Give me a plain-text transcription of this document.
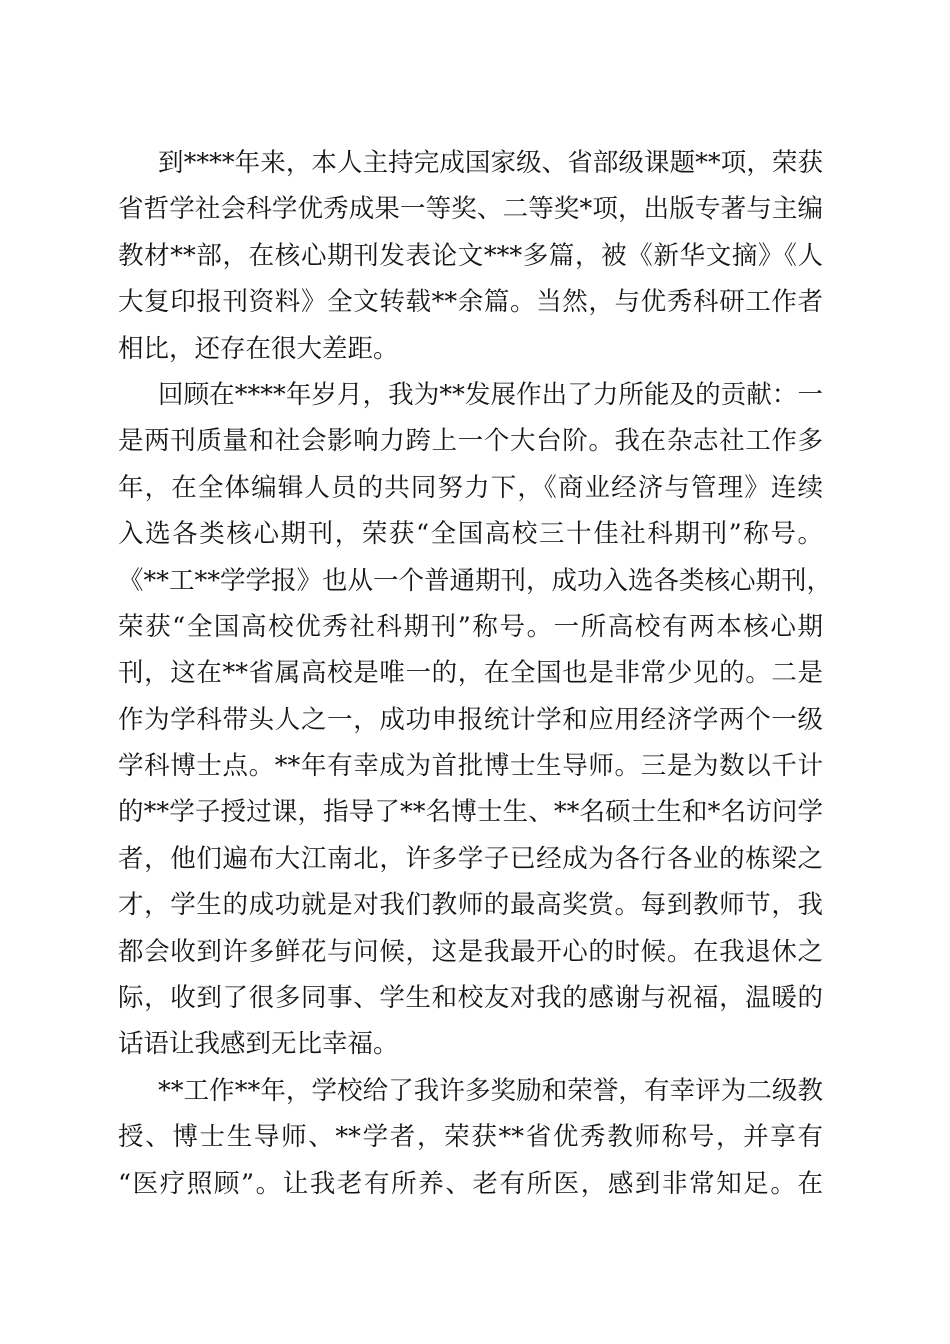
到****年来，本人主持完成国家级、省部级课题**项，荣获
省哲学社会科学优秀成果一等奖、二等奖*项，出版专著与主编
教材**部，在核心期刊发表论文***多篇，被《新华文摘》《人
大复印报刊资料》全文转载**余篇。当然，与优秀科研工作者
相比，还存在很大差距。
回顾在****年岁月，我为**发展作出了力所能及的贡献：一
是两刊质量和社会影响力跨上一个大台阶。我在杂志社工作多
年，在全体编辑人员的共同努力下，《商业经济与管理》连续
入选各类核心期刊，荣获“全国高校三十佳社科期刊”称号。
《**工**学学报》也从一个普通期刊，成功入选各类核心期刊，
荣获“全国高校优秀社科期刊”称号。一所高校有两本核心期
刊，这在**省属高校是唯一的，在全国也是非常少见的。二是
作为学科带头人之一，成功申报统计学和应用经济学两个一级
学科博士点。**年有幸成为首批博士生导师。三是为数以千计
的**学子授过课，指导了**名博士生、**名硕士生和*名访问学
者，他们遍布大江南北，许多学子已经成为各行各业的栋梁之
才，学生的成功就是对我们教师的最高奖赏。每到教师节，我
都会收到许多鲜花与问候，这是我最开心的时候。在我退休之
际，收到了很多同事、学生和校友对我的感谢与祝福，温暖的
话语让我感到无比幸福。
**工作**年，学校给了我许多奖励和荣誉，有幸评为二级教
授、博士生导师、**学者，荣获**省优秀教师称号，并享有
“医疗照顾”。让我老有所养、老有所医，感到非常知足。在
